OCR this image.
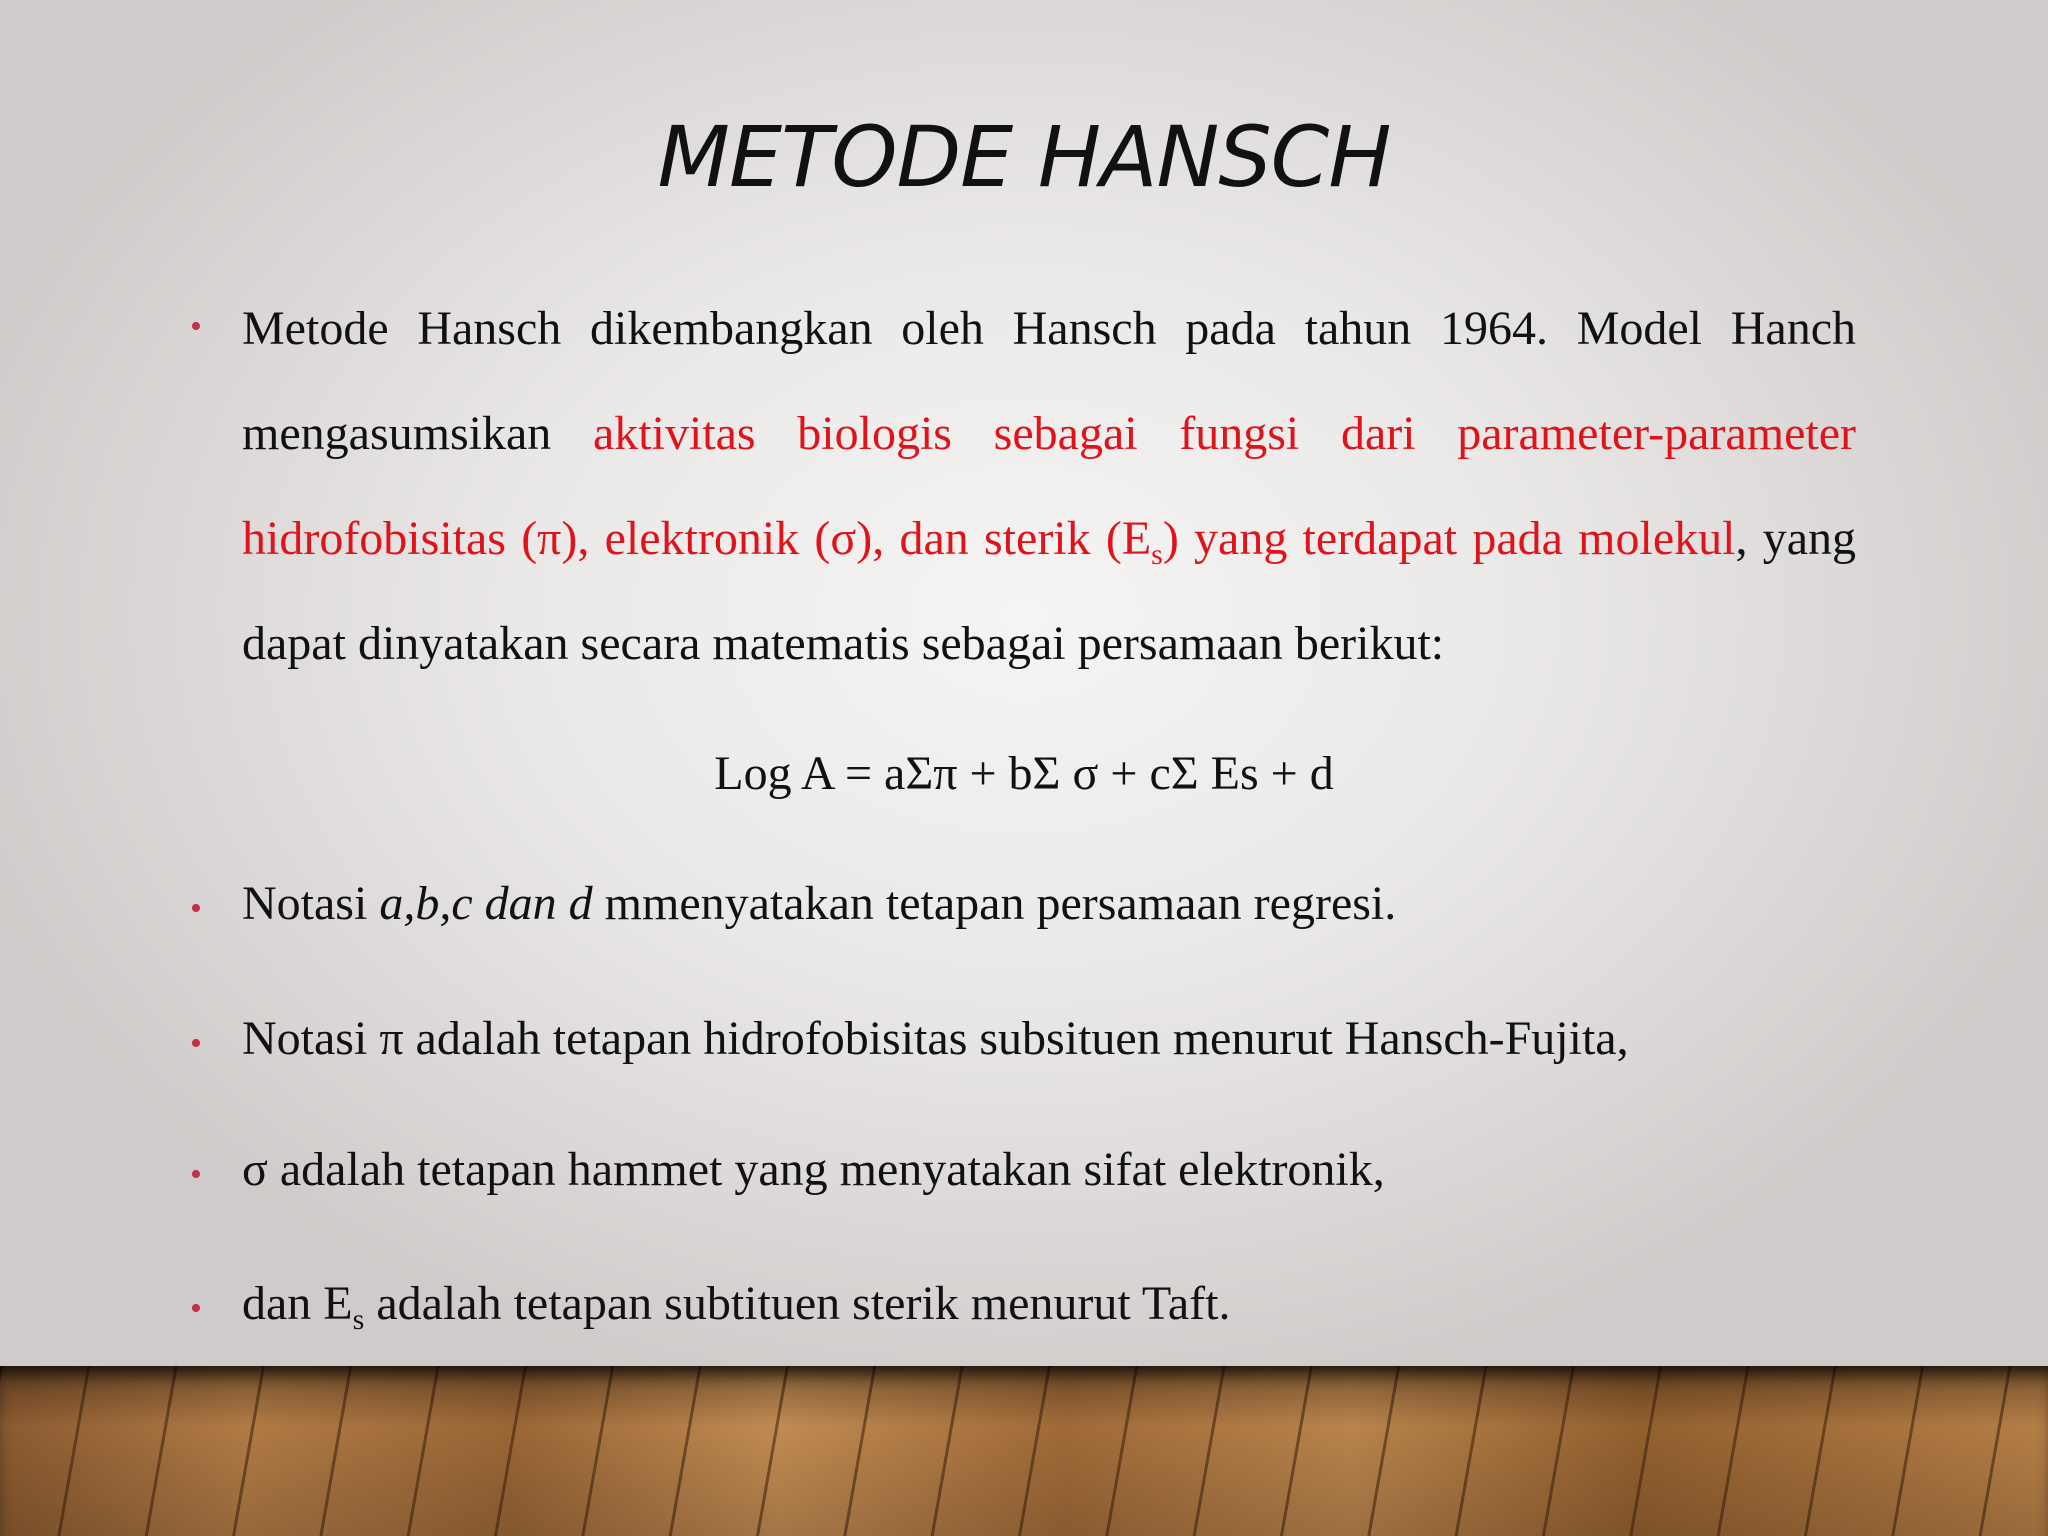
METODE HANSCH
• Metode Hansch dikembangkan oleh Hansch pada tahun 1964. Model Hanch mengasumsikan aktivitas biologis sebagai fungsi dari parameter-parameter hidrofobisitas (π), elektronik (σ), dan sterik $(E_s)$ yang terdapat pada molekul, yang dapat dinyatakan secara matematis sebagai persamaan berikut:
Log A = aΣπ + bΣ σ + cΣ Es + d
• Notasi a,b,c dan d mmenyatakan tetapan persamaan regresi.
• Notasi π adalah tetapan hidrofobisitas subsituen menurut Hansch-Fujita,
• σ adalah tetapan hammet yang menyatakan sifat elektronik,
• dan $E_s$ adalah tetapan subtituen sterik menurut Taft.
